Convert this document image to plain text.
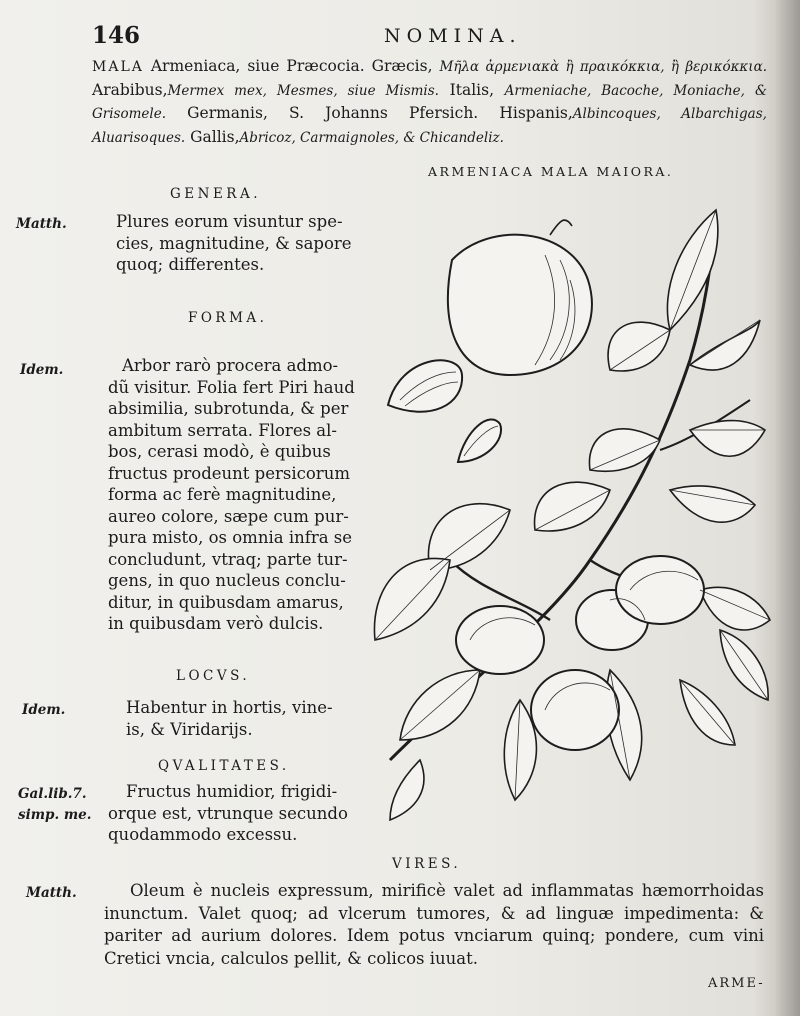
146	NOMINA.

MALA Armeniaca, siue Præcocia. Græcis, Μῆλα ἀρμενιακὰ ἢ πραικόκκια, ἢ βερικόκκια. Arabibus,Mermex mex, Mesmes, siue Mismis. Italis, Armeniache, Bacoche, Moniache, & Grisomele. Germanis, S. Johanns Pfersich. Hispanis,Albincoques, Albarchigas, Aluarisoques. Gallis,Abricoz, Carmaignoles, & Chicandeliz.

ARMENIACA MALA MAIORA.

GENERA.

Matth.	Plures eorum visuntur spe-
cies, magnitudine, & sapore
quoq; differentes.

FORMA.

Idem.	Arbor rarò procera admo-
dũ visitur. Folia fert Piri haud
absimilia, subrotunda, & per
ambitum serrata. Flores al-
bos, cerasi modò, è quibus
fructus prodeunt persicorum
forma ac ferè magnitudine,
aureo colore, sæpe cum pur-
pura misto, os omnia infra se
concludunt, vtraq; parte tur-
gens, in quo nucleus conclu-
ditur, in quibusdam amarus,
in quibusdam verò dulcis.

LOCVS.

Idem.	Habentur in hortis, vine-
is, & Viridarijs.

QVALITATES.

Gal.lib.7.

simp. me.

Fructus humidior, frigidi-
orque est, vtrunque secundo
quodammodo excessu.

VIRES.

Matth.	Oleum è nucleis expressum, mirificè valet ad inflammatas hæmorrhoidas inunctum. Valet quoq; ad vlcerum tumores, & ad linguæ impedimenta: & pariter ad aurium dolores. Idem potus vnciarum quinq; pondere, cum vini Cretici vncia, calculos pellit, & colicos iuuat.

ARME-
